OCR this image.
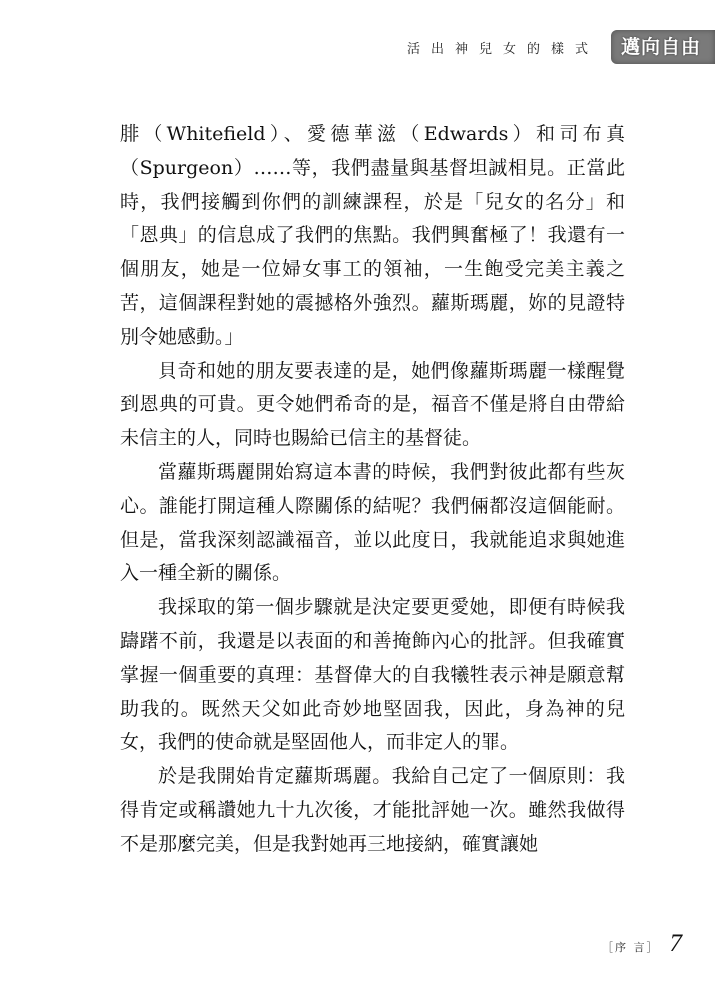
活出神兒女的樣式	邁向自由

腓（Whitefield）、愛德華滋（Edwards）和司布真（Spurgeon）……等，我們盡量與基督坦誠相見。正當此時，我們接觸到你們的訓練課程，於是「兒女的名分」和「恩典」的信息成了我們的焦點。我們興奮極了！我還有一個朋友，她是一位婦女事工的領袖，一生飽受完美主義之苦，這個課程對她的震撼格外強烈。蘿斯瑪麗，妳的見證特別令她感動。」

貝奇和她的朋友要表達的是，她們像蘿斯瑪麗一樣醒覺到恩典的可貴。更令她們希奇的是，福音不僅是將自由帶給未信主的人，同時也賜給已信主的基督徒。

當蘿斯瑪麗開始寫這本書的時候，我們對彼此都有些灰心。誰能打開這種人際關係的結呢？我們倆都沒這個能耐。但是，當我深刻認識福音，並以此度日，我就能追求與她進入一種全新的關係。

我採取的第一個步驟就是決定要更愛她，即便有時候我躊躇不前，我還是以表面的和善掩飾內心的批評。但我確實掌握一個重要的真理：基督偉大的自我犧牲表示神是願意幫助我的。既然天父如此奇妙地堅固我，因此，身為神的兒女，我們的使命就是堅固他人，而非定人的罪。

於是我開始肯定蘿斯瑪麗。我給自己定了一個原則：我得肯定或稱讚她九十九次後，才能批評她一次。雖然我做得不是那麼完美，但是我對她再三地接納，確實讓她

［序 言］ 7
